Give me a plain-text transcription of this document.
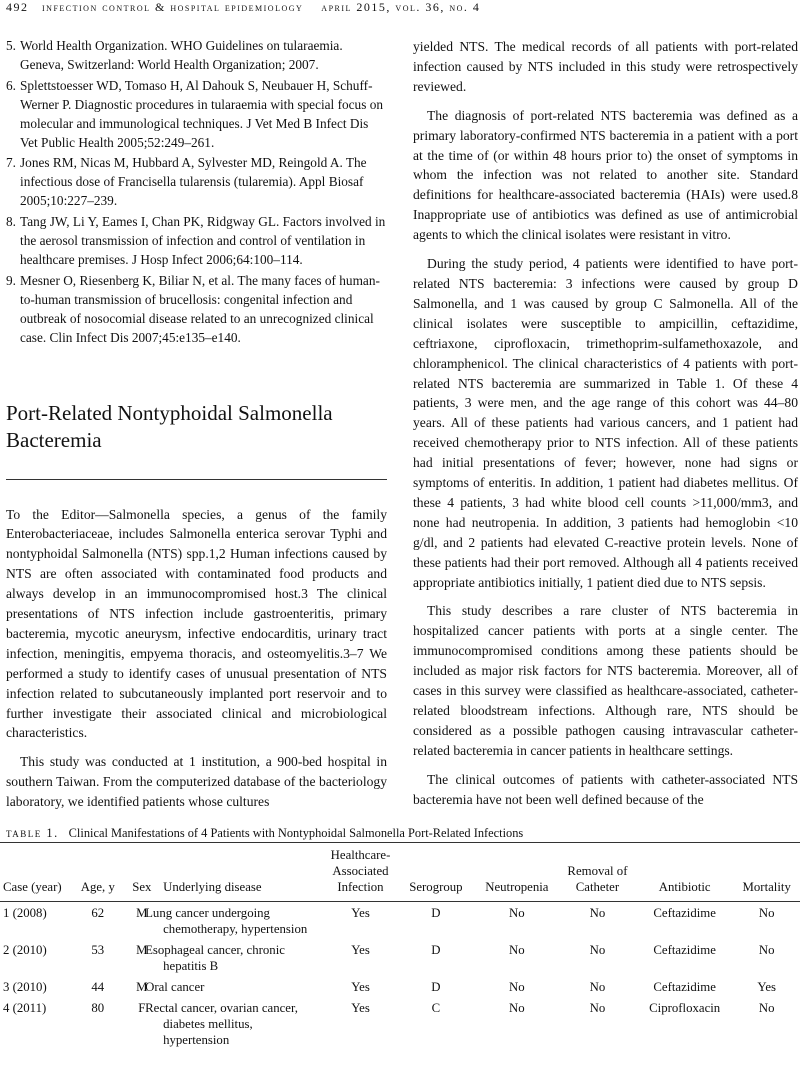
492 infection control & hospital epidemiology april 2015, vol. 36, no. 4
5. World Health Organization. WHO Guidelines on tularaemia. Geneva, Switzerland: World Health Organization; 2007.
6. Splettstoesser WD, Tomaso H, Al Dahouk S, Neubauer H, Schuff-Werner P. Diagnostic procedures in tularaemia with special focus on molecular and immunological techniques. J Vet Med B Infect Dis Vet Public Health 2005;52:249–261.
7. Jones RM, Nicas M, Hubbard A, Sylvester MD, Reingold A. The infectious dose of Francisella tularensis (tularemia). Appl Biosaf 2005;10:227–239.
8. Tang JW, Li Y, Eames I, Chan PK, Ridgway GL. Factors involved in the aerosol transmission of infection and control of ventilation in healthcare premises. J Hosp Infect 2006;64:100–114.
9. Mesner O, Riesenberg K, Biliar N, et al. The many faces of human-to-human transmission of brucellosis: congenital infection and outbreak of nosocomial disease related to an unrecognized clinical case. Clin Infect Dis 2007;45:e135–e140.
Port-Related Nontyphoidal Salmonella Bacteremia

To the Editor—Salmonella species, a genus of the family Enterobacteriaceae, includes Salmonella enterica serovar Typhi and nontyphoidal Salmonella (NTS) spp.1,2 Human infections caused by NTS are often associated with contaminated food products and always develop in an immunocompromised host.3 The clinical presentations of NTS infection include gastroenteritis, primary bacteremia, mycotic aneurysm, infective endocarditis, urinary tract infection, meningitis, empyema thoracis, and osteomyelitis.3–7 We performed a study to identify cases of unusual presentation of NTS infection related to subcutaneously implanted port reservoir and to further investigate their associated clinical and microbiological characteristics.

This study was conducted at 1 institution, a 900-bed hospital in southern Taiwan. From the computerized database of the bacteriology laboratory, we identified patients whose cultures

yielded NTS. The medical records of all patients with port-related infection caused by NTS included in this study were retrospectively reviewed.

The diagnosis of port-related NTS bacteremia was defined as a primary laboratory-confirmed NTS bacteremia in a patient with a port at the time of (or within 48 hours prior to) the onset of symptoms in whom the infection was not related to another site. Standard definitions for healthcare-associated bacteremia (HAIs) were used.8 Inappropriate use of antibiotics was defined as use of antimicrobial agents to which the clinical isolates were resistant in vitro.

During the study period, 4 patients were identified to have port-related NTS bacteremia: 3 infections were caused by group D Salmonella, and 1 was caused by group C Salmonella. All of the clinical isolates were susceptible to ampicillin, ceftazidime, ceftriaxone, ciprofloxacin, trimethoprim-sulfamethoxazole, and chloramphenicol. The clinical characteristics of 4 patients with port-related NTS bacteremia are summarized in Table 1. Of these 4 patients, 3 were men, and the age range of this cohort was 44–80 years. All of these patients had various cancers, and 1 patient had received chemotherapy prior to NTS infection. All of these patients had initial presentations of fever; however, none had signs or symptoms of enteritis. In addition, 1 patient had diabetes mellitus. Of these 4 patients, 3 had white blood cell counts >11,000/mm3, and none had neutropenia. In addition, 3 patients had hemoglobin <10 g/dl, and 2 patients had elevated C-reactive protein levels. None of these patients had their port removed. Although all 4 patients received appropriate antibiotics initially, 1 patient died due to NTS sepsis.

This study describes a rare cluster of NTS bacteremia in hospitalized cancer patients with ports at a single center. The immunocompromised conditions among these patients should be included as major risk factors for NTS bacteremia. Moreover, all of cases in this survey were classified as healthcare-associated, catheter-related bloodstream infections. Although rare, NTS should be considered as a possible pathogen causing intravascular catheter-related bacteremia in cancer patients in healthcare settings.

The clinical outcomes of patients with catheter-associated NTS bacteremia have not been well defined because of the

table 1. Clinical Manifestations of 4 Patients with Nontyphoidal Salmonella Port-Related Infections
Case (year)	Age, y	Sex	Underlying disease	Healthcare-Associated Infection	Serogroup	Neutropenia	Removal of Catheter	Antibiotic	Mortality
1 (2008)	62	M	Lung cancer undergoing chemotherapy, hypertension	Yes	D	No	No	Ceftazidime	No
2 (2010)	53	M	Esophageal cancer, chronic hepatitis B	Yes	D	No	No	Ceftazidime	No
3 (2010)	44	M	Oral cancer	Yes	D	No	No	Ceftazidime	Yes
4 (2011)	80	F	Rectal cancer, ovarian cancer, diabetes mellitus, hypertension	Yes	C	No	No	Ciprofloxacin	No
